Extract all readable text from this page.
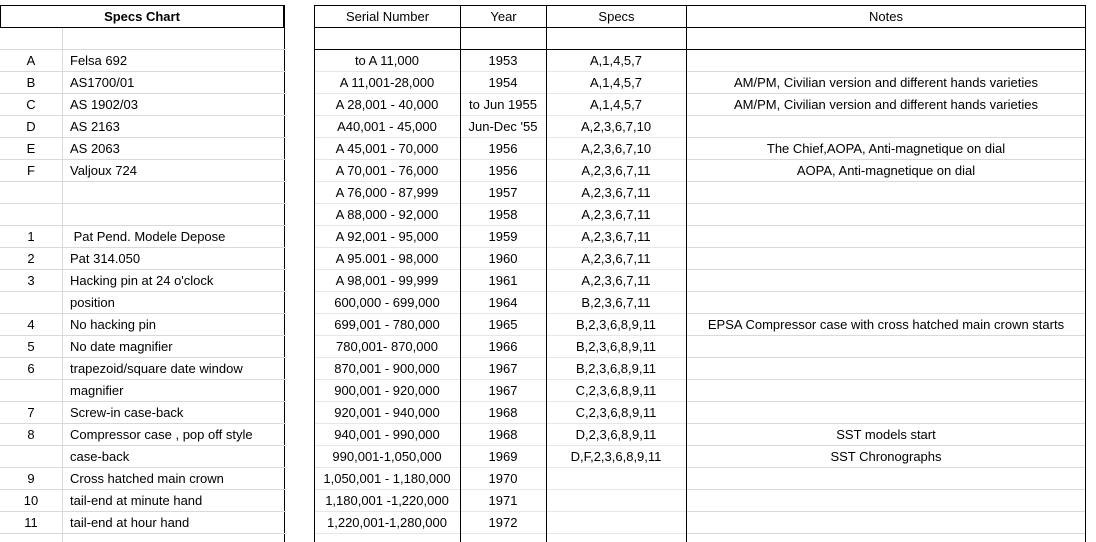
Specs Chart
A	Felsa 692
B	AS1700/01
C	AS 1902/03
D	AS 2163
E	AS 2063
F	Valjoux 724
1	Pat Pend. Modele Depose
2	Pat 314.050
3	Hacking pin at 24 o'clock
position
4	No hacking pin
5	No date magnifier
6	trapezoid/square date window
magnifier
7	Screw-in case-back
8	Compressor case , pop off style
case-back
9	Cross hatched main crown
10	tail-end at minute hand
11	tail-end at hour hand
Serial Number	Year	Specs	Notes
to A 11,000	1953	A,1,4,5,7
A 11,001-28,000	1954	A,1,4,5,7	AM/PM, Civilian version and different hands varieties
A 28,001 - 40,000	to Jun 1955	A,1,4,5,7	AM/PM, Civilian version and different hands varieties
A40,001 - 45,000	Jun-Dec '55	A,2,3,6,7,10
A 45,001 - 70,000	1956	A,2,3,6,7,10	The Chief,AOPA, Anti-magnetique on dial
A 70,001 - 76,000	1956	A,2,3,6,7,11	AOPA, Anti-magnetique on dial
A 76,000 - 87,999	1957	A,2,3,6,7,11
A 88,000 - 92,000	1958	A,2,3,6,7,11
A 92,001 - 95,000	1959	A,2,3,6,7,11
A 95.001 - 98,000	1960	A,2,3,6,7,11
A 98,001 - 99,999	1961	A,2,3,6,7,11
600,000 - 699,000	1964	B,2,3,6,7,11
699,001 - 780,000	1965	B,2,3,6,8,9,11	EPSA Compressor case with cross hatched main crown starts
780,001- 870,000	1966	B,2,3,6,8,9,11
870,001 - 900,000	1967	B,2,3,6,8,9,11
900,001 - 920,000	1967	C,2,3,6,8,9,11
920,001 - 940,000	1968	C,2,3,6,8,9,11
940,001 - 990,000	1968	D,2,3,6,8,9,11	SST models start
990,001-1,050,000	1969	D,F,2,3,6,8,9,11	SST Chronographs
1,050,001 - 1,180,000	1970
1,180,001 -1,220,000	1971
1,220,001-1,280,000	1972
